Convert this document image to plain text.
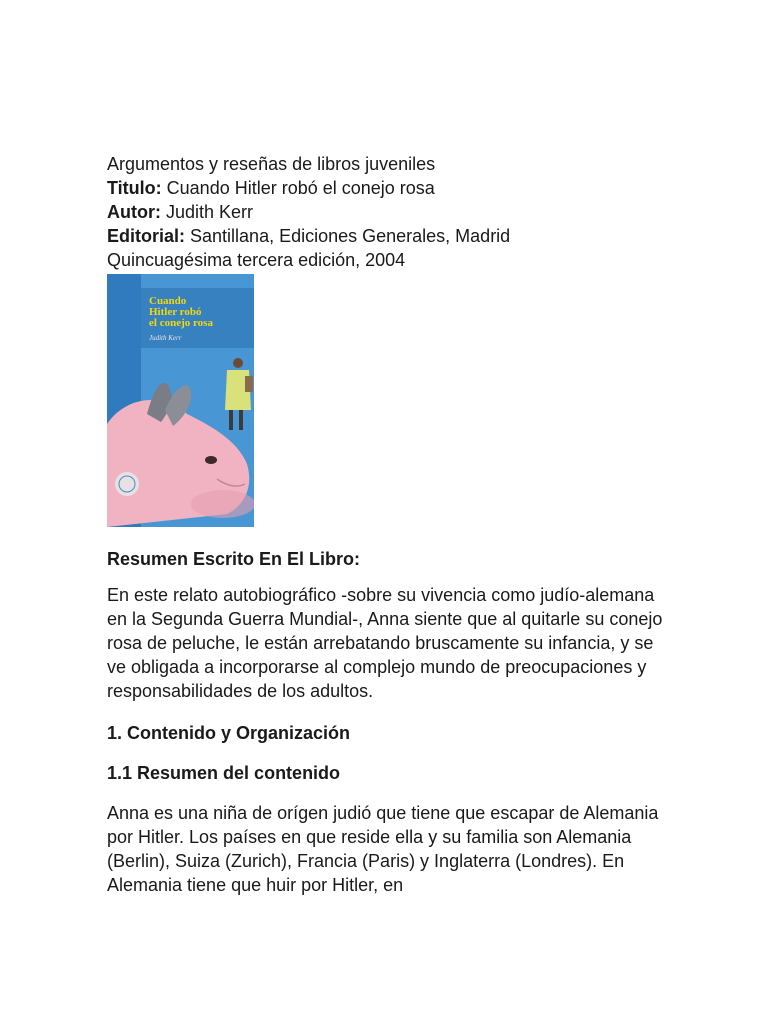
Argumentos y reseñas de libros juveniles

Titulo: Cuando Hitler robó el conejo rosa

Autor: Judith Kerr

Editorial: Santillana, Ediciones Generales, Madrid

Quincuagésima tercera edición, 2004

Cuando
Hitler robó
el conejo rosa
Judith Kerr
Resumen Escrito En El Libro:

En este relato autobiográfico -sobre su vivencia como judío-alemana en la Segunda Guerra Mundial-, Anna siente que al quitarle su conejo rosa de peluche, le están arrebatando bruscamente su infancia, y se ve obligada a incorporarse al complejo mundo de preocupaciones y responsabilidades de los adultos.

1. Contenido y Organización
1.1 Resumen del contenido

Anna es una niña de orígen judió que tiene que escapar de Alemania por Hitler. Los países en que reside ella y su familia son Alemania (Berlin), Suiza (Zurich), Francia (Paris) y Inglaterra (Londres). En Alemania tiene que huir por Hitler, en
